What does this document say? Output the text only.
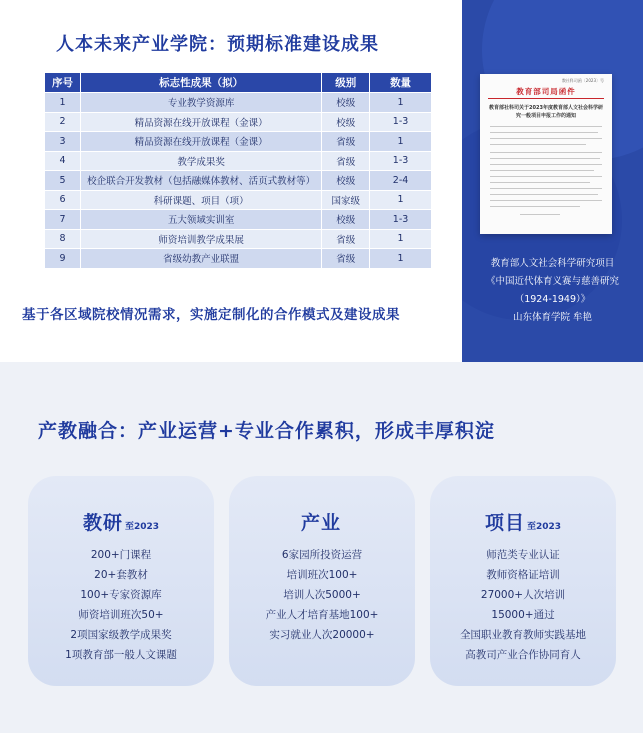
人本未来产业学院：预期标准建设成果
序号	标志性成果（拟）	级别	数量
1	专业教学资源库	校级	1
2	精品资源在线开放课程（金课）	校级	1-3
3	精品资源在线开放课程（金课）	省级	1
4	教学成果奖	省级	1-3
5	校企联合开发教材（包括融媒体教材、活页式教材等）	校级	2-4
6	科研课题、项目（项）	国家级	1
7	五大领域实训室	校级	1-3
8	师资培训教学成果展	省级	1
9	省级幼教产业联盟	省级	1
基于各区域院校情况需求，实施定制化的合作模式及建设成果
教社科司函〔2023〕号
教育部司局函件
教育部社科司关于2023年度教育部人文社会科学研究一般项目申报工作的通知
教育部人文社会科学研究项目
《中国近代体育义赛与慈善研究
（1924-1949）》
山东体育学院 牟艳
产教融合：产业运营+专业合作累积，形成丰厚积淀
教研 至2023
200+门课程
20+套教材
100+专家资源库
师资培训班次50+
2项国家级教学成果奖
1项教育部一般人文课题
产业
6家园所投资运营
培训班次100+
培训人次5000+
产业人才培育基地100+
实习就业人次20000+
项目 至2023
师范类专业认证
教师资格证培训
27000+人次培训
15000+通过
全国职业教育教师实践基地
高教司产业合作协同育人
